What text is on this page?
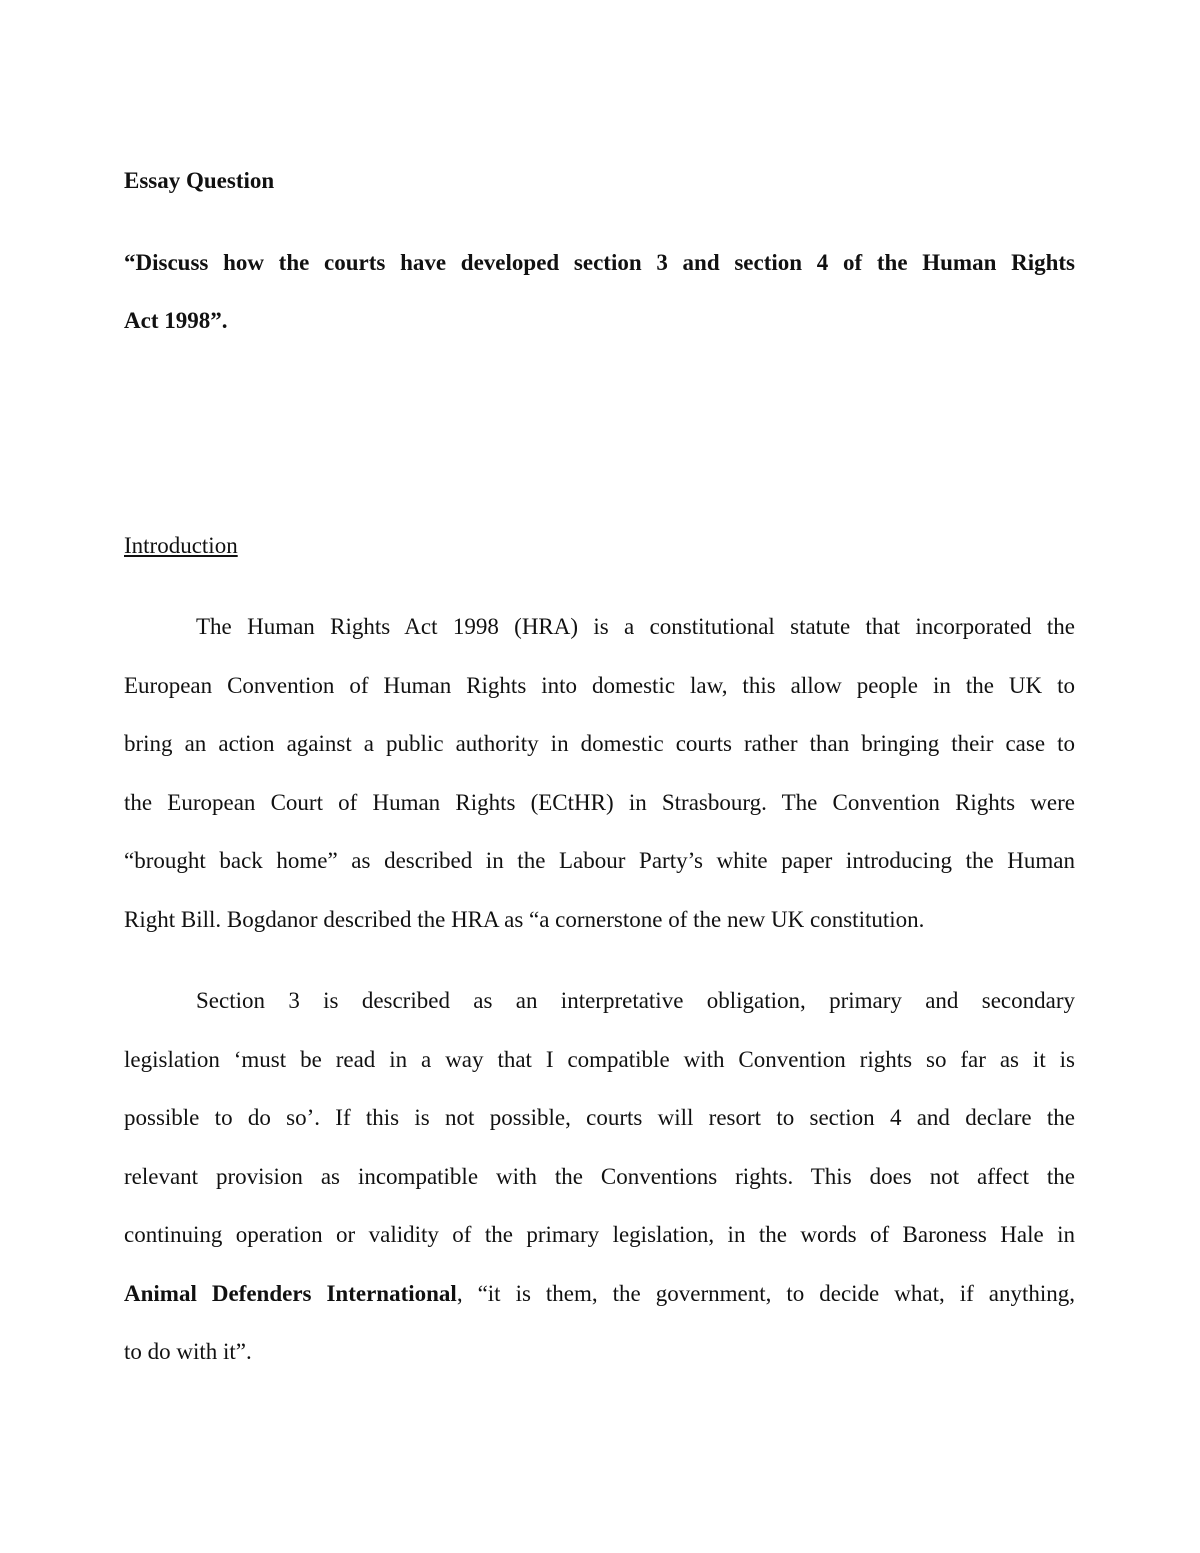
Essay Question
“Discuss how the courts have developed section 3 and section 4 of the Human Rights
Act 1998”.
Introduction
The Human Rights Act 1998 (HRA) is a constitutional statute that incorporated the
European Convention of Human Rights into domestic law, this allow people in the UK to
bring an action against a public authority in domestic courts rather than bringing their case to
the European Court of Human Rights (ECtHR) in Strasbourg. The Convention Rights were
“brought back home” as described in the Labour Party’s white paper introducing the Human
Right Bill. Bogdanor described the HRA as “a cornerstone of the new UK constitution.
Section 3 is described as an interpretative obligation, primary and secondary
legislation ‘must be read in a way that I compatible with Convention rights so far as it is
possible to do so’. If this is not possible, courts will resort to section 4 and declare the
relevant provision as incompatible with the Conventions rights. This does not affect the
continuing operation or validity of the primary legislation, in the words of Baroness Hale in
Animal Defenders International, “it is them, the government, to decide what, if anything,
to do with it”.
